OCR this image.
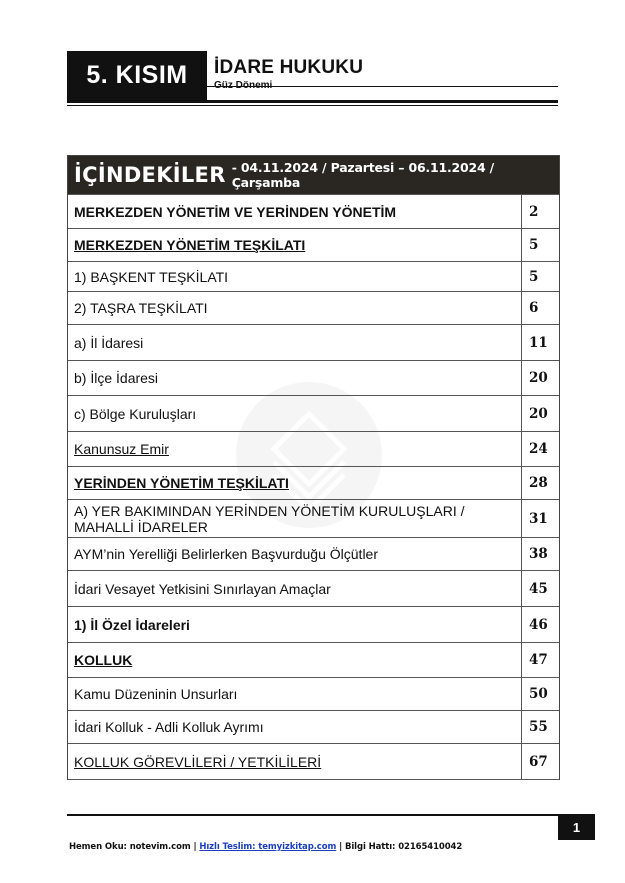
5. KISIM	İDARE HUKUKU
İÇİNDEKİLER - 04.11.2024 / Pazartesi – 06.11.2024 / Çarşamba
MERKEZDEN YÖNETİM VE YERİNDEN YÖNETİM	2
MERKEZDEN YÖNETİM TEŞKİLATI	5
1) BAŞKENT TEŞKİLATI	5
2) TAŞRA TEŞKİLATI	6
a) İl İdaresi	11
b) İlçe İdaresi	20
c) Bölge Kuruluşları	20
Kanunsuz Emir	24
YERİNDEN YÖNETİM TEŞKİLATI	28
A) YER BAKIMINDAN YERİNDEN YÖNETİM KURULUŞLARI / MAHALLİ İDARELER	31
AYM’nin Yerelliği Belirlerken Başvurduğu Ölçütler	38
İdari Vesayet Yetkisini Sınırlayan Amaçlar	45
1) İl Özel İdareleri	46
KOLLUK	47
Kamu Düzeninin Unsurları	50
İdari Kolluk - Adli Kolluk Ayrımı	55
KOLLUK GÖREVLİLERİ / YETKİLİLERİ	67
1
Hemen Oku: notevim.com | Hızlı Teslim: temyizkitap.com | Bilgi Hattı: 02165410042
